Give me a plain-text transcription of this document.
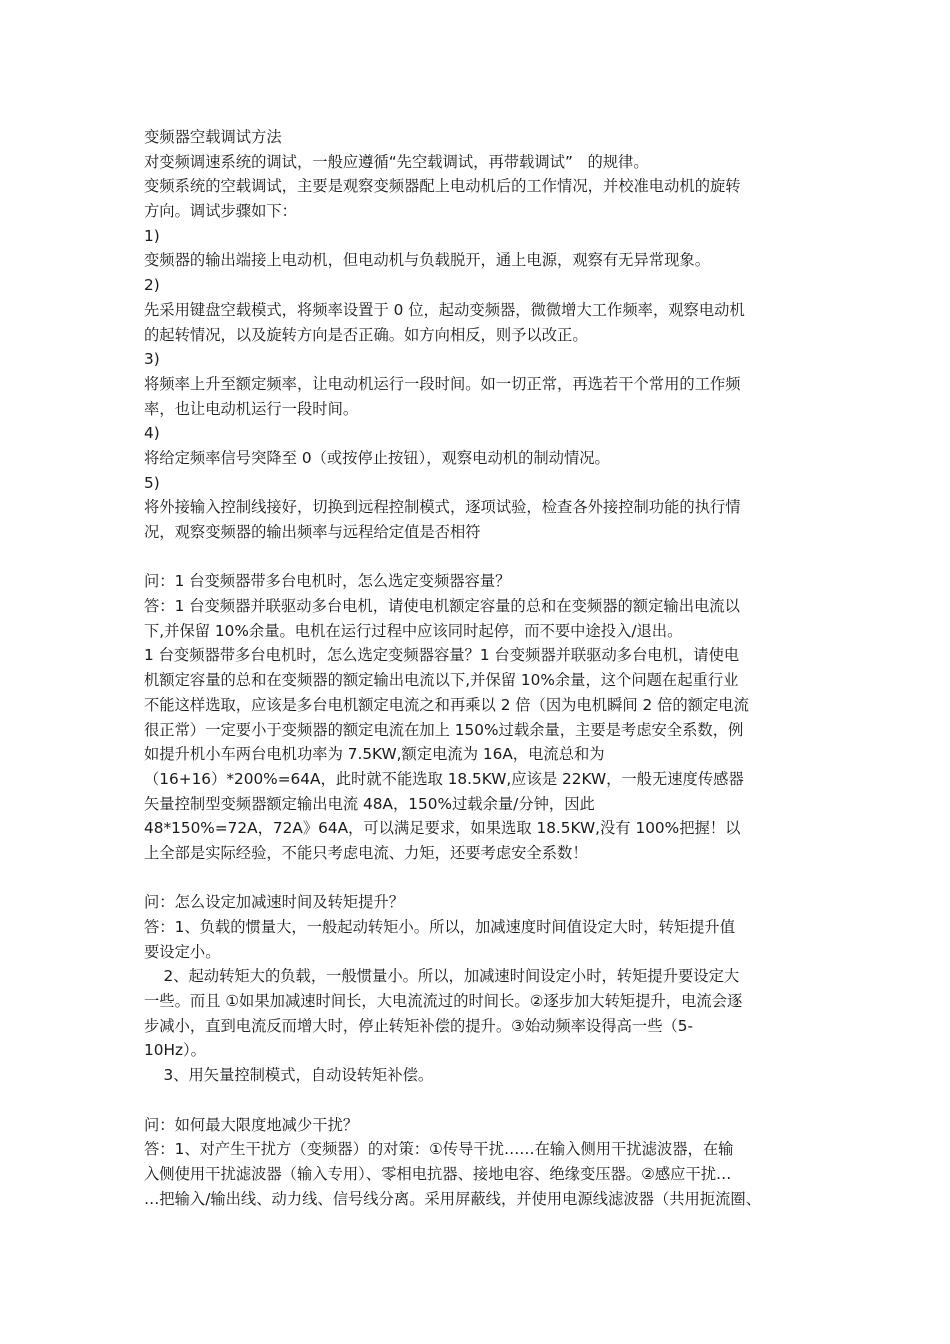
变频器空载调试方法
对变频调速系统的调试，一般应遵循“先空载调试，再带载调试”   的规律。
变频系统的空载调试，主要是观察变频器配上电动机后的工作情况，并校准电动机的旋转
方向。调试步骤如下：
1)
变频器的输出端接上电动机，但电动机与负载脱开，通上电源，观察有无异常现象。
2)
先采用键盘空载模式，将频率设置于 0 位，起动变频器，微微增大工作频率，观察电动机
的起转情况，以及旋转方向是否正确。如方向相反，则予以改正。
3)
将频率上升至额定频率，让电动机运行一段时间。如一切正常，再选若干个常用的工作频
率，也让电动机运行一段时间。
4)
将给定频率信号突降至 0（或按停止按钮），观察电动机的制动情况。
5)
将外接输入控制线接好，切换到远程控制模式，逐项试验，检查各外接控制功能的执行情
况，观察变频器的输出频率与远程给定值是否相符
问：1 台变频器带多台电机时，怎么选定变频器容量？
答：1 台变频器并联驱动多台电机，请使电机额定容量的总和在变频器的额定输出电流以
下,并保留 10%余量。电机在运行过程中应该同时起停，而不要中途投入/退出。
1 台变频器带多台电机时，怎么选定变频器容量？1 台变频器并联驱动多台电机，请使电
机额定容量的总和在变频器的额定输出电流以下,并保留 10%余量，这个问题在起重行业
不能这样选取，应该是多台电机额定电流之和再乘以 2 倍（因为电机瞬间 2 倍的额定电流
很正常）一定要小于变频器的额定电流在加上 150%过载余量，主要是考虑安全系数，例
如提升机小车两台电机功率为 7.5KW,额定电流为 16A，电流总和为
（16+16）*200%=64A，此时就不能选取 18.5KW,应该是 22KW，一般无速度传感器
矢量控制型变频器额定输出电流 48A，150%过载余量/分钟，因此
48*150%=72A，72A》64A，可以满足要求，如果选取 18.5KW,没有 100%把握！以
上全部是实际经验，不能只考虑电流、力矩，还要考虑安全系数！
问：怎么设定加减速时间及转矩提升？
答：1、负载的惯量大，一般起动转矩小。所以，加减速度时间值设定大时，转矩提升值
要设定小。
2、起动转矩大的负载，一般惯量小。所以，加减速时间设定小时，转矩提升要设定大
一些。而且 ①如果加减速时间长，大电流流过的时间长。②逐步加大转矩提升，电流会逐
步减小，直到电流反而增大时，停止转矩补偿的提升。③始动频率设得高一些（5-
10Hz）。
3、用矢量控制模式，自动设转矩补偿。
问：如何最大限度地减少干扰？
答：1、对产生干扰方（变频器）的对策：①传导干扰……在输入侧用干扰滤波器，在输
入侧使用干扰滤波器（输入专用）、零相电抗器、接地电容、绝缘变压器。②感应干扰…
…把输入/输出线、动力线、信号线分离。采用屏蔽线，并使用电源线滤波器（共用扼流圈、
